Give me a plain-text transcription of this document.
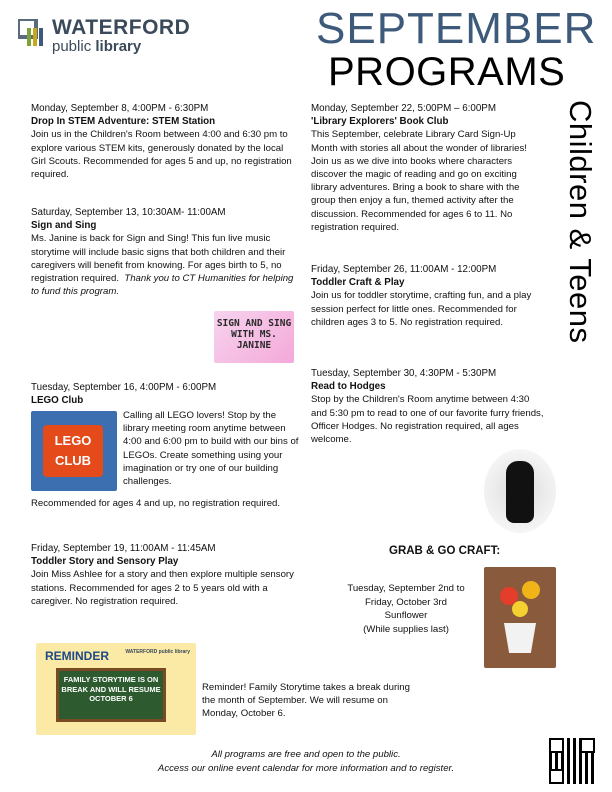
WATERFORD
public library	SEPTEMBER
PROGRAMS
Children & Teens

Monday, September 8, 4:00PM - 6:30PM

Drop In STEM Adventure: STEM Station

Join us in the Children's Room between 4:00 and 6:30 pm to explore various STEM kits, generously donated by the local Girl Scouts. Recommended for ages 5 and up, no registration required.

Saturday, September 13, 10:30AM- 11:00AM

Sign and Sing

Ms. Janine is back for Sign and Sing! This fun live music storytime will include basic signs that both children and their caregivers will benefit from knowing. For ages birth to 5, no registration required. Thank you to CT Humanities for helping to fund this program.

SIGN AND SING WITH MS. JANINE

Tuesday, September 16, 4:00PM - 6:00PM

LEGO Club

Calling all LEGO lovers! Stop by the library meeting room anytime between 4:00 and 6:00 pm to build with our bins of LEGOs. Create something using your imagination or try one of our building challenges.
Recommended for ages 4 and up, no registration required.
LEGO
CLUB

Friday, September 19, 11:00AM - 11:45AM

Toddler Story and Sensory Play

Join Miss Ashlee for a story and then explore multiple sensory stations. Recommended for ages 2 to 5 years old with a caregiver. No registration required.

REMINDER	WATERFORD public library
FAMILY STORYTIME IS ON BREAK AND WILL RESUME OCTOBER 6
Reminder! Family Storytime takes a break during the month of September. We will resume on Monday, October 6.

Monday, September 22, 5:00PM – 6:00PM

'Library Explorers' Book Club

This September, celebrate Library Card Sign-Up Month with stories all about the wonder of libraries! Join us as we dive into books where characters discover the magic of reading and go on exciting library adventures. Bring a book to share with the group then enjoy a fun, themed activity after the discussion. Recommended for ages 6 to 11. No registration required.

Friday, September 26, 11:00AM - 12:00PM

Toddler Craft & Play

Join us for toddler storytime, crafting fun, and a play session perfect for little ones. Recommended for children ages 3 to 5. No registration required.

Tuesday, September 30, 4:30PM - 5:30PM

Read to Hodges

Stop by the Children's Room anytime between 4:30 and 5:30 pm to read to one of our favorite furry friends, Officer Hodges. No registration required, all ages welcome.

GRAB & GO CRAFT:

Tuesday, September 2nd to

Friday, October 3rd

Sunflower

(While supplies last)

All programs are free and open to the public.

Access our online event calendar for more information and to register.
